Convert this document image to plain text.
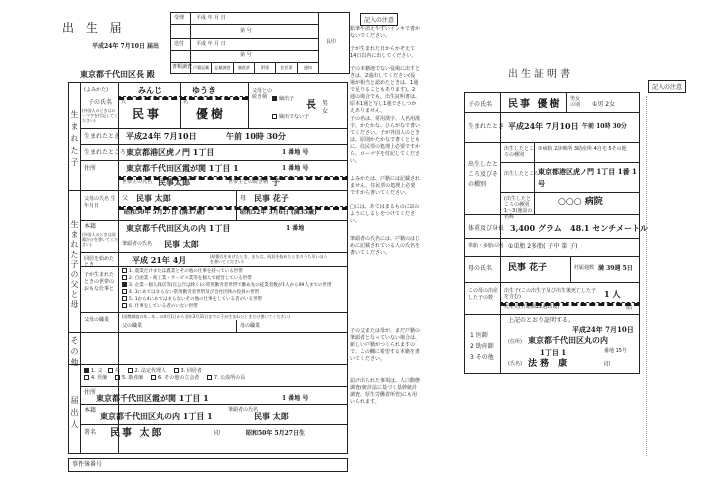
出 生 届
平成24年 7月10日 届出
東京都千代田区長 殿
受理 平成 年 月 日
第 号
送付 平成 年 月 日
第 号
書類調査
長印
戸籍記載	記載調査	調査票	附票	住民票	通知
生まれた子
生まれた子の父と母
その他
届出人
(よみかた)	みんじ	ゆうき
子の氏名
(外国人のときはローマ字を付記してください)
氏	名
民事	優樹
父母との続き柄	嫡出子
嫡出でない子
長 男 女
生まれたとき 平成24年 7月10日	午前 10時 30分
生まれたところ 東京都港区虎ノ門 1丁目	1 番地 号
住所	東京都千代田区霞が関 1丁目 1	1 番地 号
世帯主の氏名 民事太郎	世帯主との続き柄 子
父母の氏名 生年月日
父 民事 太郎	母 民事 花子
昭和50年 5月27日 (満37歳)	昭和52年 3月6日 (満35歳)
本籍
(外国人のときは国籍だけを書いてください)
東京都千代田区丸の内 1丁目	1 番地
筆頭者の氏名 民事 太郎
同居を始めたとき	平成 21年 4月	(結婚式をあげたとき、または、同居を始めたときのうち早いほうを書いてください)
子が生まれたときの世帯のおもな仕事と
1. 農業だけまたは農業とその他の仕事を持っている世帯
2. 自由業・商工業・サービス業等を個人で経営している世帯
3. 企業・個人商店等(官公庁は除く)の常用勤労者世帯で勤め先の従業者数が1人から99人までの世帯
4. 3にあてはまらない常用勤労者世帯及び会社団体の役員の世帯
5. 1から4にあてはまらないその他の仕事をしている者のいる世帯
6. 仕事をしている者のいない世帯
父母の職業
(国勢調査の年…年…の4月1日から翌年3月31日までに子が生まれたときだけ書いてください)
父の職業	母の職業
1. 父	母	2. 法定代理人	3. 同居者
4. 医師	5. 助産師	6. その他の立会者	7. 公設所の長
住所
東京都千代田区霞が関 1丁目 1	1 番地 号
本籍
東京都千代田区丸の内 1丁目 1
筆頭者の氏名
民事 太郎
署名 民事 太郎	印	昭和50年 5月27日生
事件簿番号
記入の注意
鉛筆や消えやすいインキで書かないでください。
子が生まれた日からかぞえて14日以内に出してください。
子の本籍地でない役場に出すときは、2通出してください(役場が相当と認めたときは、1通で足りることもあります)。2通の場合でも、出生証明書は、原本1通と写し1通でさしつかえありません。
子の名は、常用漢字、人名用漢字、かたかな、ひらがなで書いてください。子が外国人のときは、原則かたかなで書くとともに、住民票の処理上必要ですから、ローマ字を付記してください。
よみかたは、戸籍には記載されません。住民票の処理上必要ですから書いてください。
□には、あてはまるものに☑のようにしるしをつけてください。
筆頭者の氏名には、戸籍のはじめに記載されている人の氏名を書いてください。
子の父または母が、まだ戸籍の筆頭者となっていない場合は、新しい戸籍がつくられますので、この欄に希望する本籍を書いてください。
届け出られた事項は、人口動態調査(統計法に基づく基幹統計調査、厚生労働省所管)にも用いられます。
出生証明書
記入の注意
子の氏名 民事 優樹 男女の別	①男 2女
生まれたとき 平成24年 7月10日 午前 10時 30分
出生したところ及びその種別
出生したところの種別
①病院 2診療所 3助産所 4自宅 5その他
出生したところ
東京都港区虎ノ門 1丁目 1番 1号
(出生したところの種別1〜3)施設の名称
○○○ 病院
体重及び身長 3,400 グラム 48.1 センチメートル
単胎・多胎の別 ①単胎 2多胎( 子中 第 子)
母の氏名 民事 花子	妊娠週数 満 39週 5日
この母の出産した子の数
出生子(この出生子及び出生後死亡した子を含む)	1 人
死産児(妊娠満22週以後)	胎
上記のとおり証明する。
平成24年 7月10日
1 医師
2 助産師
3 その他
(住所) 東京都千代田区丸の内
1丁目 1	番地 15号
(氏名) 法務 康	印
